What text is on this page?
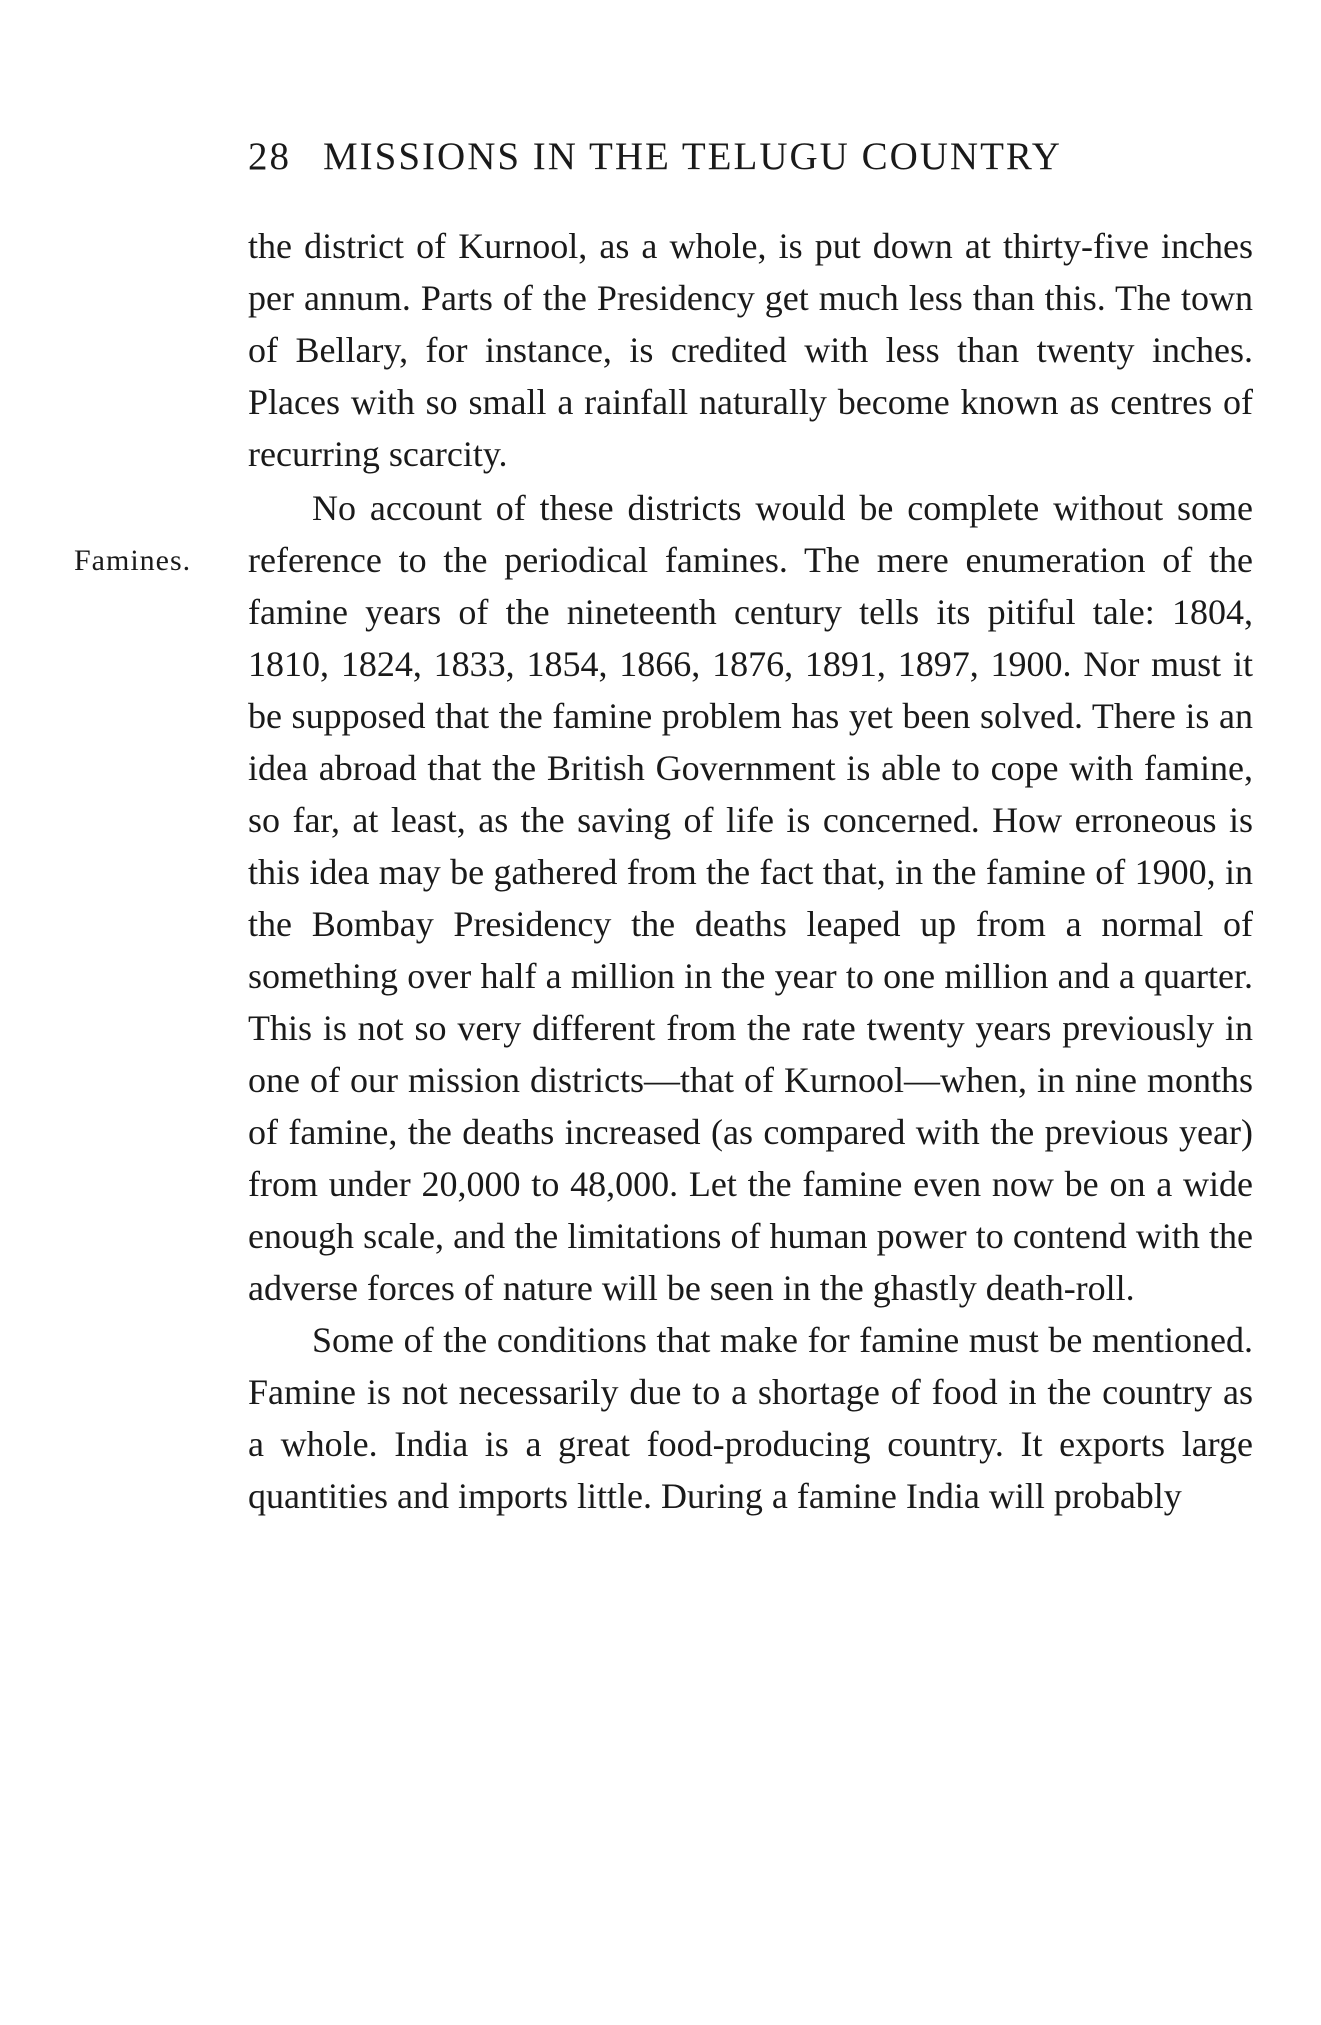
28 MISSIONS IN THE TELUGU COUNTRY
Famines.

the district of Kurnool, as a whole, is put down at thirty-five inches per annum. Parts of the Presidency get much less than this. The town of Bellary, for instance, is credited with less than twenty inches. Places with so small a rainfall naturally become known as centres of recurring scarcity.

No account of these districts would be complete without some reference to the periodical famines. The mere enumeration of the famine years of the nineteenth century tells its pitiful tale: 1804, 1810, 1824, 1833, 1854, 1866, 1876, 1891, 1897, 1900. Nor must it be supposed that the famine problem has yet been solved. There is an idea abroad that the British Government is able to cope with famine, so far, at least, as the saving of life is concerned. How erroneous is this idea may be gathered from the fact that, in the famine of 1900, in the Bombay Presidency the deaths leaped up from a normal of something over half a million in the year to one million and a quarter. This is not so very different from the rate twenty years previously in one of our mission districts—that of Kurnool—when, in nine months of famine, the deaths increased (as compared with the previous year) from under 20,000 to 48,000. Let the famine even now be on a wide enough scale, and the limitations of human power to contend with the adverse forces of nature will be seen in the ghastly death-roll.

Some of the conditions that make for famine must be mentioned. Famine is not necessarily due to a shortage of food in the country as a whole. India is a great food-producing country. It exports large quantities and imports little. During a famine India will probably
